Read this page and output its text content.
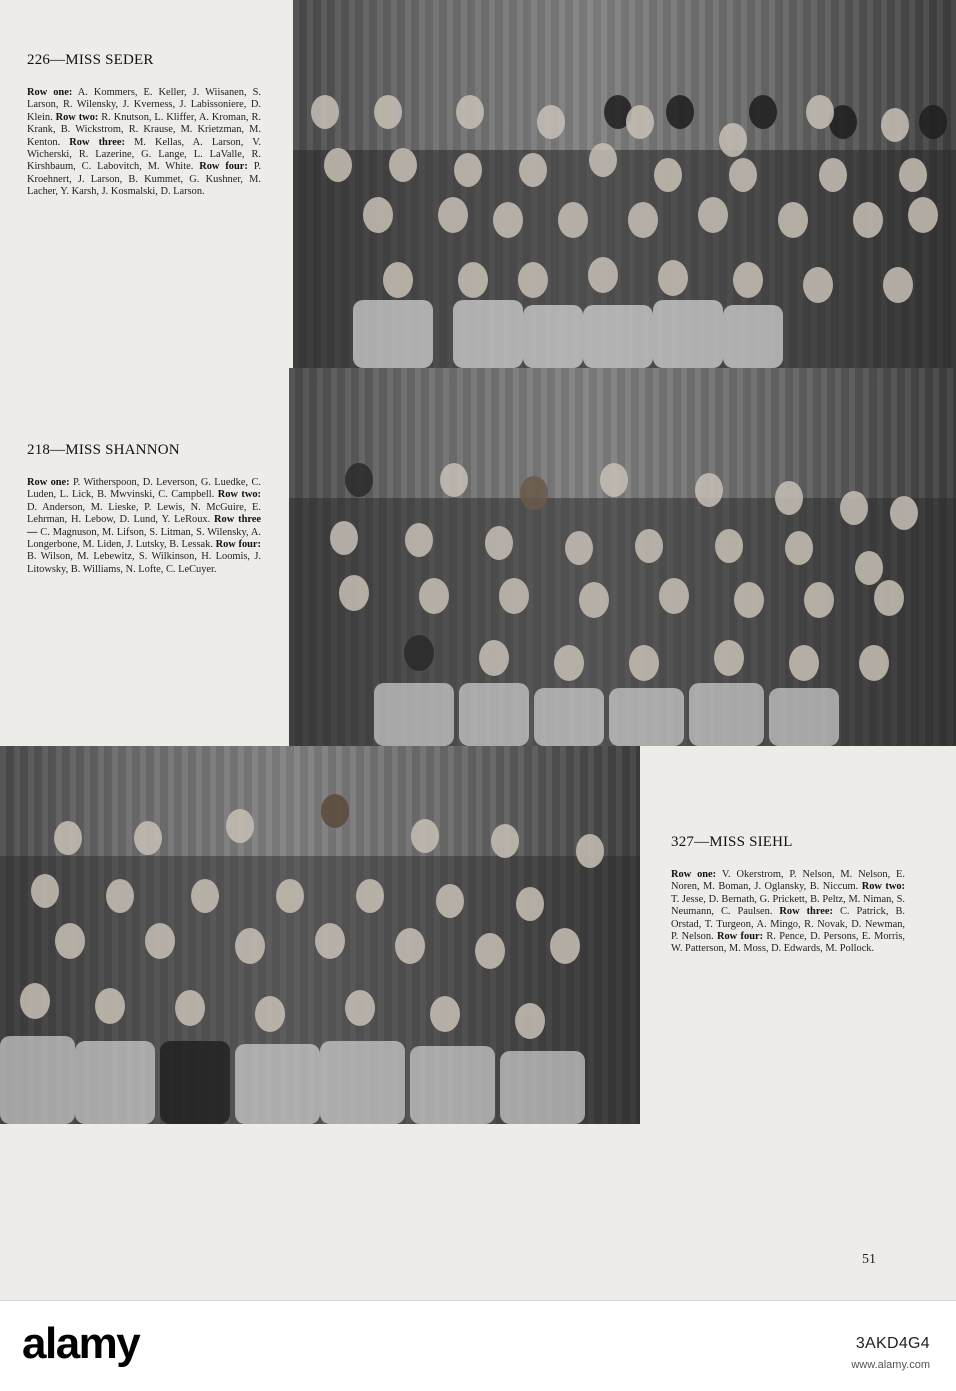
226—MISS SEDER

Row one: A. Kommers, E. Keller, J. Wiisanen, S. Larson, R. Wilensky, J. Kverness, J. Labissoniere, D. Klein. Row two: R. Knutson, L. Kliffer, A. Kroman, R. Krank, B. Wickstrom, R. Krause, M. Krietzman, M. Kenton. Row three: M. Kellas, A. Larson, V. Wicherski, R. Lazerine, G. Lange, L. LaValle, R. Kirshbaum, C. Labovitch, M. White. Row four: P. Kroehnert, J. Larson, B. Kummet, G. Kushner, M. Lacher, Y. Karsh, J. Kosmalski, D. Larson.

218—MISS SHANNON

Row one: P. Witherspoon, D. Leverson, G. Luedke, C. Luden, L. Lick, B. Mwvinski, C. Campbell. Row two: D. Anderson, M. Lieske, P. Lewis, N. McGuire, E. Lehrman, H. Lebow, D. Lund, Y. LeRoux. Row three— C. Magnuson, M. Lifson, S. Litman, S. Wilensky, A. Longerbone, M. Liden, J. Lutsky, B. Lessak. Row four: B. Wilson, M. Lebewitz, S. Wilkinson, H. Loomis, J. Litowsky, B. Williams, N. Lofte, C. LeCuyer.

327—MISS SIEHL

Row one: V. Okerstrom, P. Nelson, M. Nelson, E. Noren, M. Boman, J. Oglansky, B. Niccum. Row two: T. Jesse, D. Bernath, G. Prickett, B. Peltz, M. Niman, S. Neumann, C. Paulsen. Row three: C. Patrick, B. Orstad, T. Turgeon, A. Mingo, R. Novak, D. Newman, P. Nelson. Row four: R. Pence, D. Persons, E. Morris, W. Patterson, M. Moss, D. Edwards, M. Pollock.

51
alamy	3AKD4G4
www.alamy.com
